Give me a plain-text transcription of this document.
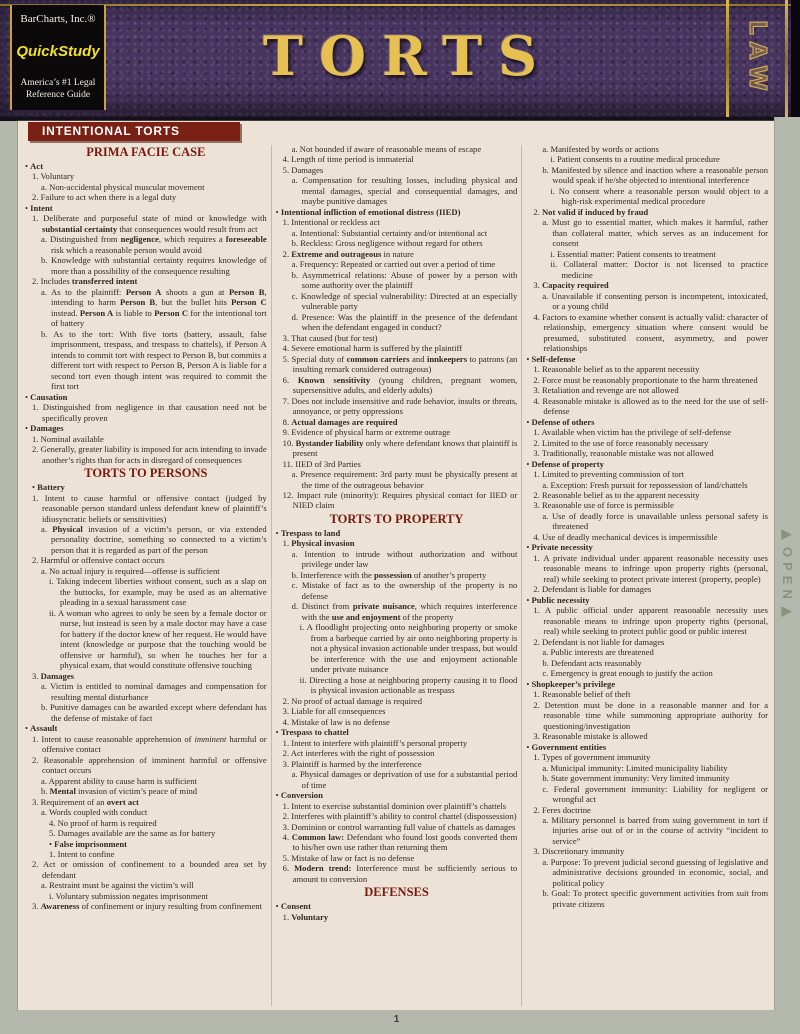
BarCharts, Inc.®
QuickStudy
America’s #1 Legal Reference Guide
TORTS	LAW
INTENTIONAL TORTS
PRIMA FACIE CASE

• Act

1. Voluntary

a. Non-accidental physical muscular movement

2. Failure to act when there is a legal duty

• Intent

1. Deliberate and purposeful state of mind or knowledge with substantial certainty that consequences would result from act

a. Distinguished from negligence, which requires a foreseeable risk which a reasonable person would avoid

b. Knowledge with substantial certainty requires knowledge of more than a possibility of the consequence resulting

2. Includes transferred intent

a. As to the plaintiff: Person A shoots a gun at Person B, intending to harm Person B, but the bullet hits Person C instead. Person A is liable to Person C for the intentional tort of battery

b. As to the tort: With five torts (battery, assault, false imprisonment, trespass, and trespass to chattels), if Person A intends to commit tort with respect to Person B, but commits a different tort with respect to Person B, Person A is liable for a second tort even though intent was required to commit the first tort

• Causation

1. Distinguished from negligence in that causation need not be specifically proven

• Damages

1. Nominal available

2. Generally, greater liability is imposed for acts intending to invade another’s rights than for acts in disregard of consequences

TORTS TO PERSONS

• Battery

1. Intent to cause harmful or offensive contact (judged by reasonable person standard unless defendant knew of plaintiff’s idiosyncratic beliefs or sensitivities)

a. Physical invasion of a victim’s person, or via extended personality doctrine, something so connected to a victim’s person that it is regarded as part of the person

2. Harmful or offensive contact occurs

a. No actual injury is required—offense is sufficient

i. Taking indecent liberties without consent, such as a slap on the buttocks, for example, may be used as an alternative pleading in a sexual harassment case

ii. A woman who agrees to only be seen by a female doctor or nurse, but instead is seen by a male doctor may have a case for battery if the doctor knew of her request. He would have intent (knowledge or purpose that the touching would be offensive or harmful), so when he touches her for a physical exam, that would constitute offensive touching

3. Damages

a. Victim is entitled to nominal damages and compensation for resulting mental disturbance

b. Punitive damages can be awarded except where defendant has the defense of mistake of fact

• Assault

1. Intent to cause reasonable apprehension of imminent harmful or offensive contact

2. Reasonable apprehension of imminent harmful or offensive contact occurs

a. Apparent ability to cause harm is sufficient

b. Mental invasion of victim’s peace of mind

3. Requirement of an overt act

a. Words coupled with conduct

4. No proof of harm is required

5. Damages available are the same as for battery

• False imprisonment

1. Intent to confine

2. Act or omission of confinement to a bounded area set by defendant

a. Restraint must be against the victim’s will

i. Voluntary submission negates imprisonment

3. Awareness of confinement or injury resulting from confinement

a. Not bounded if aware of reasonable means of escape

4. Length of time period is immaterial

5. Damages

a. Compensation for resulting losses, including physical and mental damages, special and consequential damages, and maybe punitive damages

• Intentional infliction of emotional distress (IIED)

1. Intentional or reckless act

a. Intentional: Substantial certainty and/or intentional act

b. Reckless: Gross negligence without regard for others

2. Extreme and outrageous in nature

a. Frequency: Repeated or carried out over a period of time

b. Asymmetrical relations: Abuse of power by a person with some authority over the plaintiff

c. Knowledge of special vulnerability: Directed at an especially vulnerable party

d. Presence: Was the plaintiff in the presence of the defendant when the defendant engaged in conduct?

3. That caused (but for test)

4. Severe emotional harm is suffered by the plaintiff

5. Special duty of common carriers and innkeepers to patrons (an insulting remark considered outrageous)

6. Known sensitivity (young children, pregnant women, supersensitive adults, and elderly adults)

7. Does not include insensitive and rude behavior, insults or threats, annoyance, or petty oppressions

8. Actual damages are required

9. Evidence of physical harm or extreme outrage

10. Bystander liability only where defendant knows that plaintiff is present

11. IIED of 3rd Parties

a. Presence requirement: 3rd party must be physically present at the time of the outrageous behavior

12. Impact rule (minority): Requires physical contact for IIED or NIED claim

TORTS TO PROPERTY

• Trespass to land

1. Physical invasion

a. Intention to intrude without authorization and without privilege under law

b. Interference with the possession of another’s property

c. Mistake of fact as to the ownership of the property is no defense

d. Distinct from private nuisance, which requires interference with the use and enjoyment of the property

i. A floodlight projecting onto neighboring property or smoke from a barbeque carried by air onto neighboring property is not a physical invasion actionable under trespass, but would be interference with the use and enjoyment actionable under private nuisance

ii. Directing a hose at neighboring property causing it to flood is physical invasion actionable as trespass

2. No proof of actual damage is required

3. Liable for all consequences

4. Mistake of law is no defense

• Trespass to chattel

1. Intent to interfere with plaintiff’s personal property

2. Act interferes with the right of possession

3. Plaintiff is harmed by the interference

a. Physical damages or deprivation of use for a substantial period of time

• Conversion

1. Intent to exercise substantial dominion over plaintiff’s chattels

2. Interferes with plaintiff’s ability to control chattel (dispossession)

3. Dominion or control warranting full value of chattels as damages

4. Common law: Defendant who found lost goods converted them to his/her own use rather than returning them

5. Mistake of law or fact is no defense

6. Modern trend: Interference must be sufficiently serious to amount to conversion

DEFENSES

• Consent

1. Voluntary

a. Manifested by words or actions

i. Patient consents to a routine medical procedure

b. Manifested by silence and inaction where a reasonable person would speak if he/she objected to intentional interference

i. No consent where a reasonable person would object to a high-risk experimental medical procedure

2. Not valid if induced by fraud

a. Must go to essential matter, which makes it harmful, rather than collateral matter, which serves as an inducement for consent

i. Essential matter: Patient consents to treatment

ii. Collateral matter: Doctor is not licensed to practice medicine

3. Capacity required

a. Unavailable if consenting person is incompetent, intoxicated, or a young child

4. Factors to examine whether consent is actually valid: character of relationship, emergency situation where consent would be presumed, substituted consent, asymmetry, and power relationships

• Self-defense

1. Reasonable belief as to the apparent necessity

2. Force must be reasonably proportionate to the harm threatened

3. Retaliation and revenge are not allowed

4. Reasonable mistake is allowed as to the need for the use of self-defense

• Defense of others

1. Available when victim has the privilege of self-defense

2. Limited to the use of force reasonably necessary

3. Traditionally, reasonable mistake was not allowed

• Defense of property

1. Limited to preventing commission of tort

a. Exception: Fresh pursuit for repossession of land/chattels

2. Reasonable belief as to the apparent necessity

3. Reasonable use of force is permissible

a. Use of deadly force is unavailable unless personal safety is threatened

4. Use of deadly mechanical devices is impermissible

• Private necessity

1. A private individual under apparent reasonable necessity uses reasonable means to infringe upon property rights (personal, real) while seeking to protect private interest (property, people)

2. Defendant is liable for damages

• Public necessity

1. A public official under apparent reasonable necessity uses reasonable means to infringe upon property rights (personal, real) while seeking to protect public good or public interest

2. Defendant is not liable for damages

a. Public interests are threatened

b. Defendant acts reasonably

c. Emergency is great enough to justify the action

• Shopkeeper’s privilege

1. Reasonable belief of theft

2. Detention must be done in a reasonable manner and for a reasonable time while summoning appropriate authority for questioning/investigation

3. Reasonable mistake is allowed

• Government entities

1. Types of government immunity

a. Municipal immunity: Limited municipality liability

b. State government immunity: Very limited immunity

c. Federal government immunity: Liability for negligent or wrongful act

2. Feres doctrine

a. Military personnel is barred from suing government in tort if injuries arise out of or in the course of activity “incident to service”

3. Discretionary immunity

a. Purpose: To prevent judicial second guessing of legislative and administrative decisions grounded in economic, social, and political policy

b. Goal: To protect specific government activities from suit from private citizens

▶OPEN▶
1
